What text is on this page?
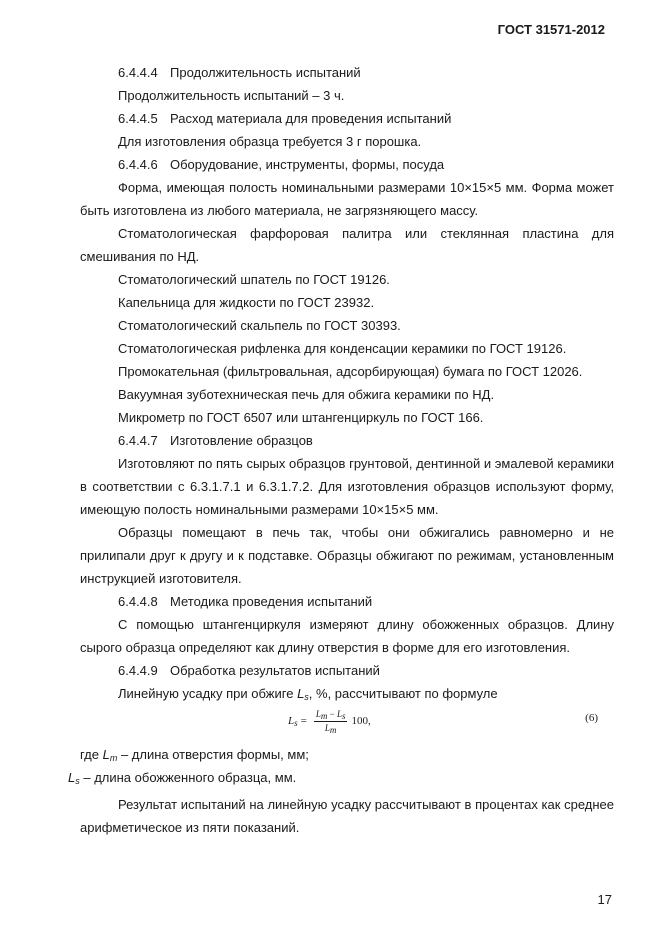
ГОСТ 31571-2012

6.4.4.4 Продолжительность испытаний

Продолжительность испытаний – 3 ч.

6.4.4.5 Расход материала для проведения испытаний

Для изготовления образца требуется 3 г порошка.

6.4.4.6 Оборудование, инструменты, формы, посуда

Форма, имеющая полость номинальными размерами 10×15×5 мм. Форма может быть изготовлена из любого материала, не загрязняющего массу.

Стоматологическая фарфоровая палитра или стеклянная пластина для смешивания по НД.

Стоматологический шпатель по ГОСТ 19126.

Капельница для жидкости по ГОСТ 23932.

Стоматологический скальпель по ГОСТ 30393.

Стоматологическая рифленка для конденсации керамики по ГОСТ 19126.

Промокательная (фильтровальная, адсорбирующая) бумага по ГОСТ 12026.

Вакуумная зуботехническая печь для обжига керамики по НД.

Микрометр по ГОСТ 6507 или штангенциркуль по ГОСТ 166.

6.4.4.7 Изготовление образцов

Изготовляют по пять сырых образцов грунтовой, дентинной и эмалевой керамики в соответствии с 6.3.1.7.1 и 6.3.1.7.2. Для изготовления образцов используют форму, имеющую полость номинальными размерами 10×15×5 мм.

Образцы помещают в печь так, чтобы они обжигались равномерно и не прилипали друг к другу и к подставке. Образцы обжигают по режимам, установленным инструкцией изготовителя.

6.4.4.8 Методика проведения испытаний

С помощью штангенциркуля измеряют длину обожженных образцов. Длину сырого образца определяют как длину отверстия в форме для его изготовления.

6.4.4.9 Обработка результатов испытаний

Линейную усадку при обжиге $L_s$, %, рассчитывают по формуле

$L_s = \frac{L_m - L_s}{L_m} 100$,	(6)

где $L_m$ – длина отверстия формы, мм;

$L_s$ – длина обожженного образца, мм.

Результат испытаний на линейную усадку рассчитывают в процентах как среднее арифметическое из пяти показаний.

17
